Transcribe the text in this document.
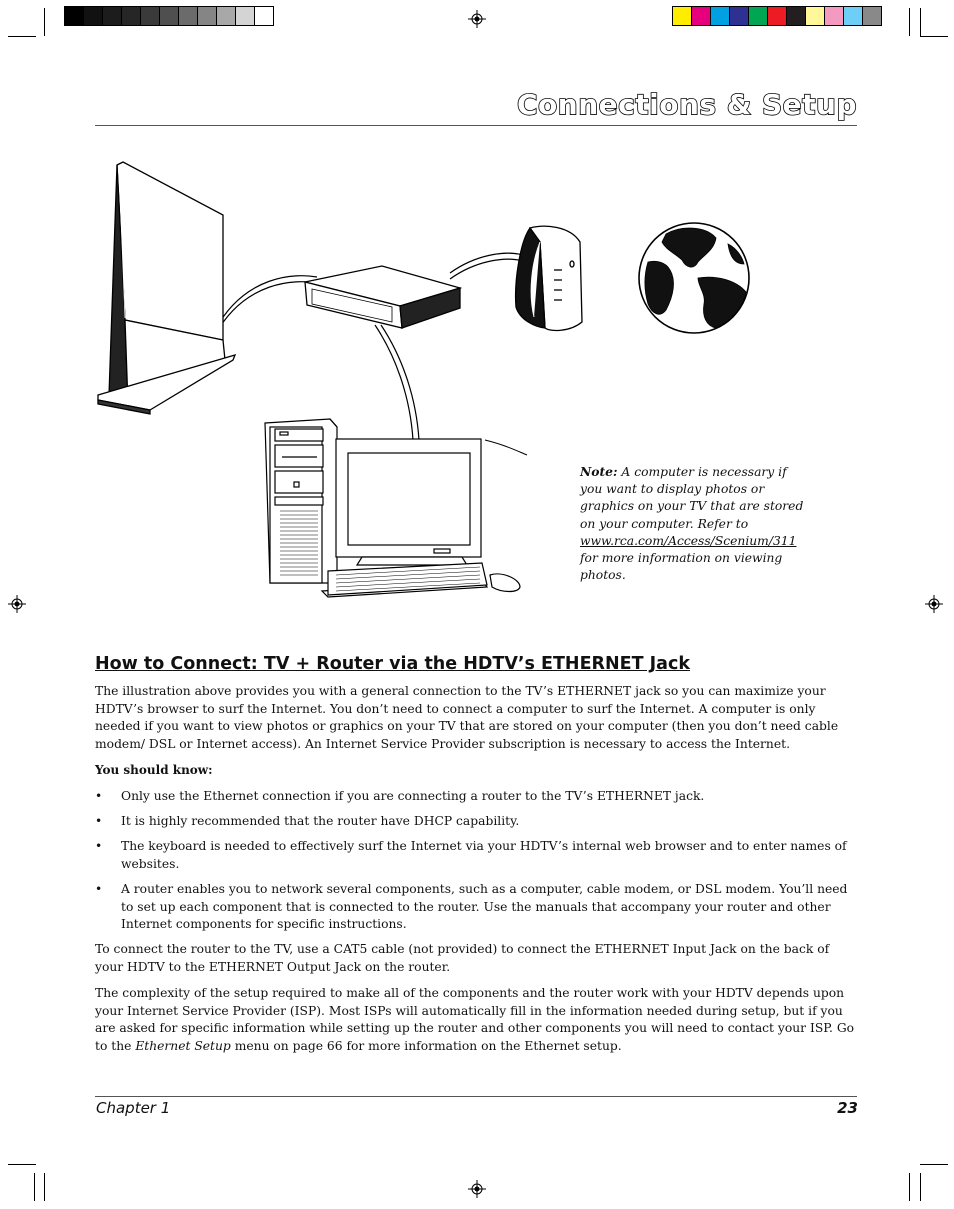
Connections & Setup
Note: A computer is necessary if you want to display photos or graphics on your TV that are stored on your computer. Refer to www.rca.com/Access/Scenium/311 for more information on viewing photos.
How to Connect: TV + Router via the HDTV’s ETHERNET Jack
The illustration above provides you with a general connection to the TV’s ETHERNET jack so you can maximize your HDTV’s browser to surf the Internet. You don’t need to connect a computer to surf the Internet. A computer is only needed if you want to view photos or graphics on your TV that are stored on your computer (then you don’t need cable modem/ DSL or Internet access). An Internet Service Provider subscription is necessary to access the Internet.
You should know:
• Only use the Ethernet connection if you are connecting a router to the TV’s ETHERNET jack.
• It is highly recommended that the router have DHCP capability.
• The keyboard is needed to effectively surf the Internet via your HDTV’s internal web browser and to enter names of websites.
• A router enables you to network several components, such as a computer, cable modem, or DSL modem. You’ll need to set up each component that is connected to the router. Use the manuals that accompany your router and other Internet components for specific instructions.
To connect the router to the TV, use a CAT5 cable (not provided) to connect the ETHERNET Input Jack on the back of your HDTV to the ETHERNET Output Jack on the router.
The complexity of the setup required to make all of the components and the router work with your HDTV depends upon your Internet Service Provider (ISP). Most ISPs will automatically fill in the information needed during setup, but if you are asked for specific information while setting up the router and other components you will need to contact your ISP. Go to the Ethernet Setup menu on page 66 for more information on the Ethernet setup.
Chapter 1	23
